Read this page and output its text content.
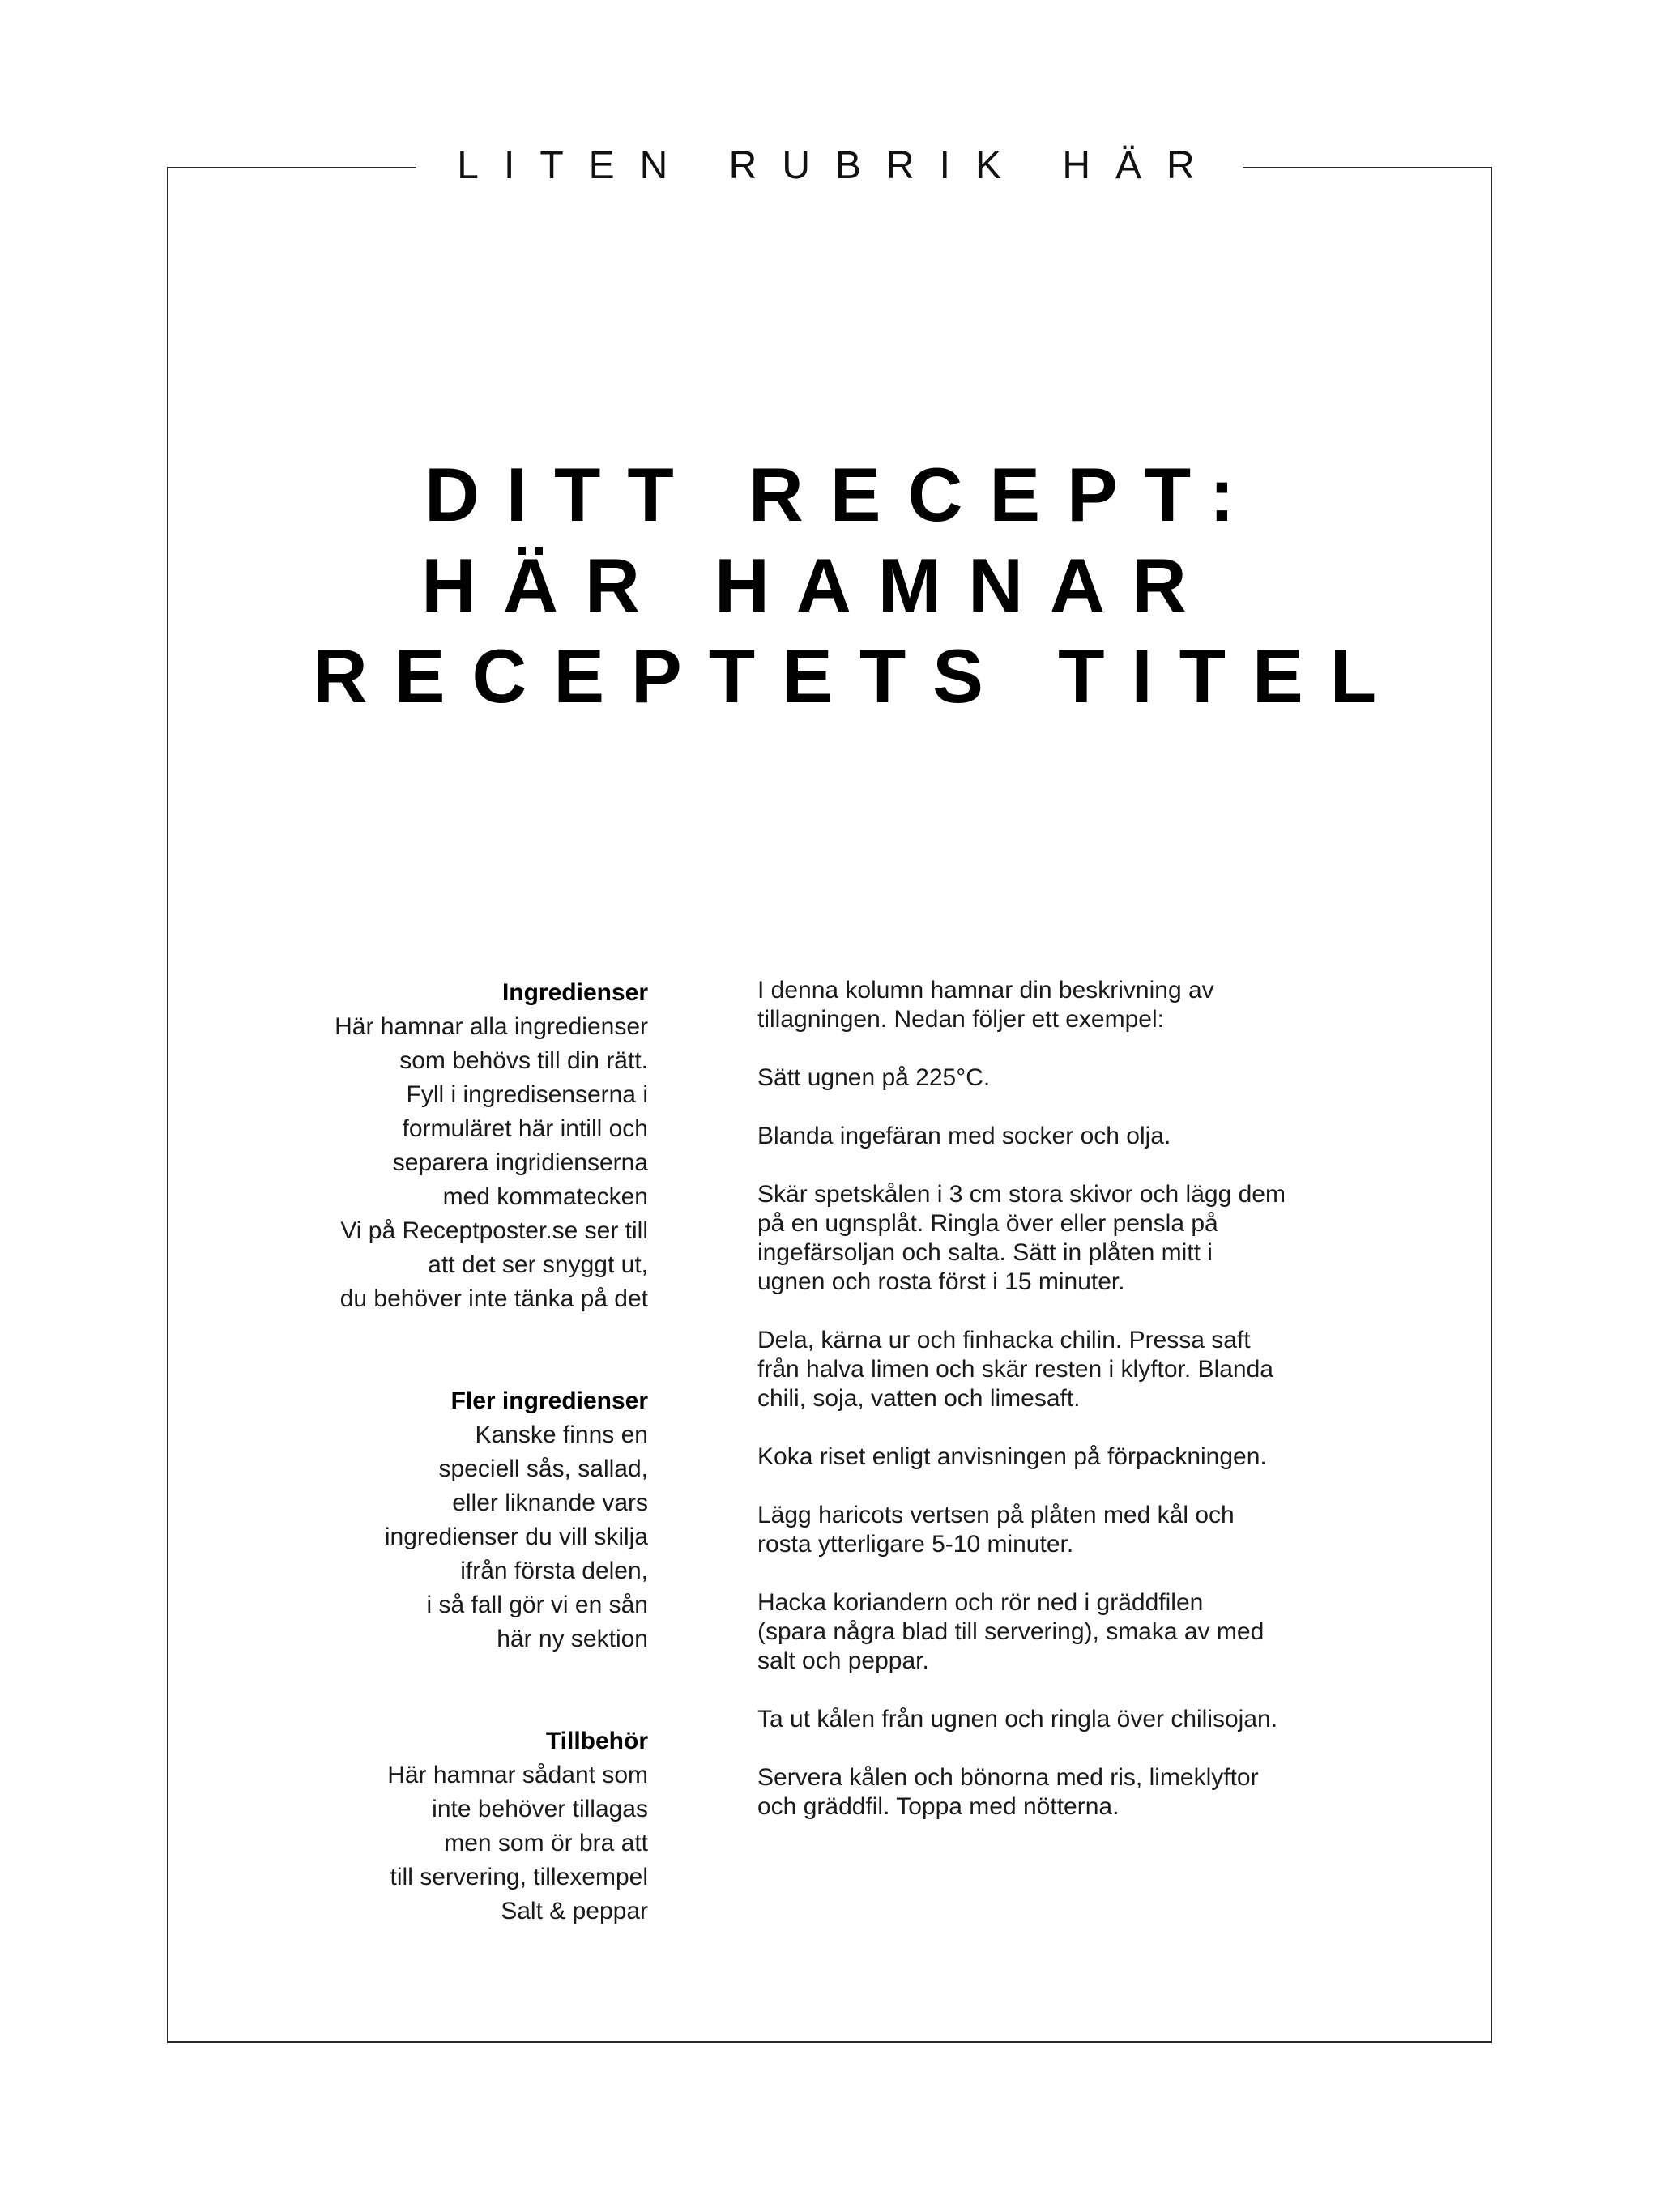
LITEN RUBRIK HÄR
DITT RECEPT:
HÄR HAMNAR
RECEPTETS TITEL
Ingredienser
Här hamnar alla ingredienser
som behövs till din rätt.
Fyll i ingredisenserna i
formuläret här intill och
separera ingridienserna
med kommatecken
Vi på Receptposter.se ser till
att det ser snyggt ut,
du behöver inte tänka på det
Fler ingredienser
Kanske finns en
speciell sås, sallad,
eller liknande vars
ingredienser du vill skilja
ifrån första delen,
i så fall gör vi en sån
här ny sektion
Tillbehör
Här hamnar sådant som
inte behöver tillagas
men som ör bra att
till servering, tillexempel
Salt & peppar
I denna kolumn hamnar din beskrivning av
tillagningen. Nedan följer ett exempel:
Sätt ugnen på 225°C.
Blanda ingefäran med socker och olja.
Skär spetskålen i 3 cm stora skivor och lägg dem
på en ugnsplåt. Ringla över eller pensla på
ingefärsoljan och salta. Sätt in plåten mitt i
ugnen och rosta först i 15 minuter.
Dela, kärna ur och finhacka chilin. Pressa saft
från halva limen och skär resten i klyftor. Blanda
chili, soja, vatten och limesaft.
Koka riset enligt anvisningen på förpackningen.
Lägg haricots vertsen på plåten med kål och
rosta ytterligare 5-10 minuter.
Hacka koriandern och rör ned i gräddfilen
(spara några blad till servering), smaka av med
salt och peppar.
Ta ut kålen från ugnen och ringla över chilisojan.
Servera kålen och bönorna med ris, limeklyftor
och gräddfil. Toppa med nötterna.
